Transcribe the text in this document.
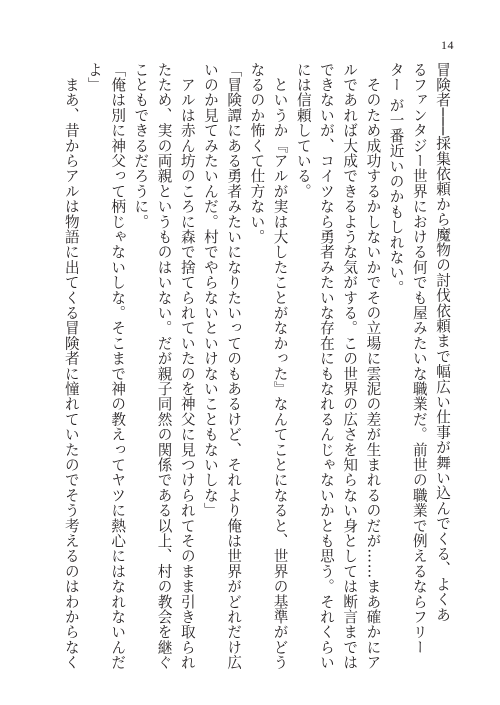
14
冒険者───採集依頼から魔物の討伐依頼まで幅広い仕事が舞い込んでくる、よくあ
るファンタジー世界における何でも屋みたいな職業だ。前世の職業で例えるならフリー
ター が一番近いのかもしれない。
　そのため成功するかしないかでその立場に雲泥の差が生まれるのだが……まあ確かにア
ルであれば大成できるような気がする。この世界の広さを知らない身としては断言までは
できないが、コイツなら勇者みたいな存在にもなれるんじゃないかとも思う。それくらい
には信頼している。
　というか『アルが実は大したことがなかった』なんてことになると、世界の基準がどう
なるのか怖くて仕方ない。
「冒険譚にある勇者みたいになりたいってのもあるけど、それより俺は世界がどれだけ広
いのか見てみたいんだ。村でやらないといけないこともないしな」
　アルは赤ん坊のころに森で捨てられていたのを神父に見つけられてそのまま引き取られ
たため、実の両親というものはいない。だが親子同然の関係である以上、村の教会を継ぐ
こともできるだろうに。
「俺は別に神父って柄じゃないしな。そこまで神の教えってヤツに熱心にはなれないんだ
よ」
　まあ、昔からアルは物語に出てくる冒険者に憧れていたのでそう考えるのはわからなく
